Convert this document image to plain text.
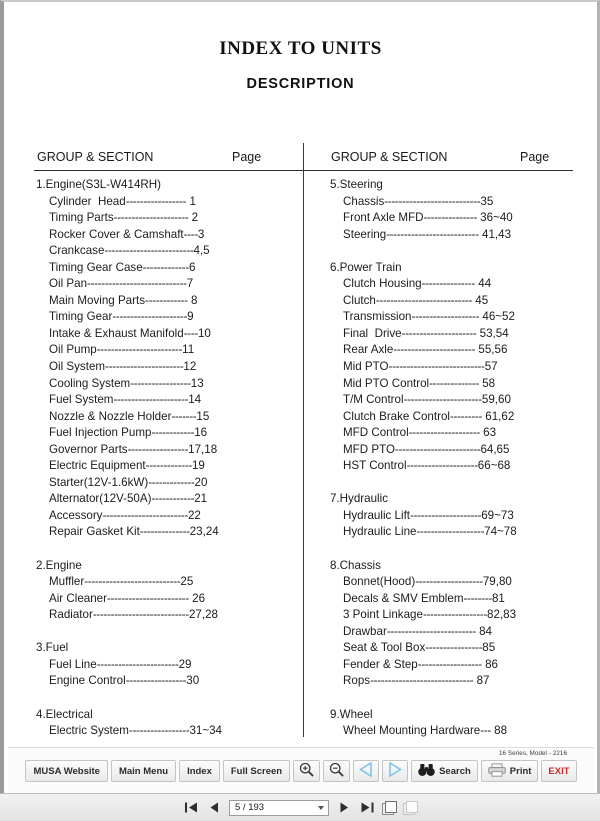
INDEX TO UNITS
DESCRIPTION
GROUP & SECTION	Page	GROUP & SECTION	Page
1.Engine(S3L-W414RH)
Cylinder  Head----------------- 1
Timing Parts--------------------- 2
Rocker Cover & Camshaft----3
Crankcase-------------------------4,5
Timing Gear Case-------------6
Oil Pan----------------------------7
Main Moving Parts------------ 8
Timing Gear---------------------9
Intake & Exhaust Manifold----10
Oil Pump------------------------11
Oil System----------------------12
Cooling System-----------------13
Fuel System---------------------14
Nozzle & Nozzle Holder-------15
Fuel Injection Pump------------16
Governor Parts-----------------17,18
Electric Equipment-------------19
Starter(12V-1.6kW)-------------20
Alternator(12V-50A)------------21
Accessory------------------------22
Repair Gasket Kit--------------23,24
2.Engine
Muffler---------------------------25
Air Cleaner----------------------- 26
Radiator---------------------------27,28
3.Fuel
Fuel Line-----------------------29
Engine Control-----------------30
4.Electrical
Electric System-----------------31~34
5.Steering
Chassis---------------------------35
Front Axle MFD--------------- 36~40
Steering-------------------------- 41,43
6.Power Train
Clutch Housing--------------- 44
Clutch--------------------------- 45
Transmission------------------- 46~52
Final  Drive--------------------- 53,54
Rear Axle----------------------- 55,56
Mid PTO---------------------------57
Mid PTO Control-------------- 58
T/M Control----------------------59,60
Clutch Brake Control--------- 61,62
MFD Control-------------------- 63
MFD PTO------------------------64,65
HST Control--------------------66~68
7.Hydraulic
Hydraulic Lift--------------------69~73
Hydraulic Line-------------------74~78
8.Chassis
Bonnet(Hood)-------------------79,80
Decals & SMV Emblem--------81
3 Point Linkage------------------82,83
Drawbar------------------------- 84
Seat & Tool Box----------------85
Fender & Step------------------ 86
Rops----------------------------- 87
9.Wheel
Wheel Mounting Hardware--- 88
16 Series, Model - 2216
MUSA Website Main Menu Index Full Screen	Search	Print EXIT
5 / 193
